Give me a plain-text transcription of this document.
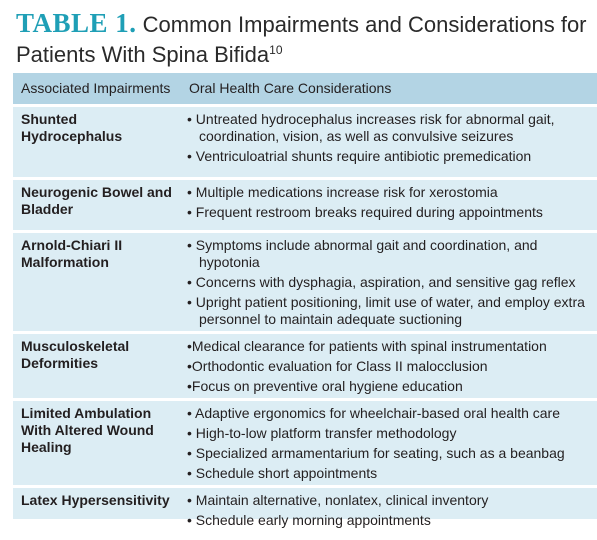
TABLE 1. Common Impairments and Considerations for
Patients With Spina Bifida$^{10}$
Associated Impairments	Oral Health Care Considerations
Shunted Hydrocephalus	• Untreated hydrocephalus increases risk for abnormal gait, coordination, vision, as well as convulsive seizures
• Ventriculoatrial shunts require antibiotic premedication

Neurogenic Bowel and Bladder	• Multiple medications increase risk for xerostomia
• Frequent restroom breaks required during appointments

Arnold-Chiari II Malformation	• Symptoms include abnormal gait and coordination, and hypotonia
• Concerns with dysphagia, aspiration, and sensitive gag reflex
• Upright patient positioning, limit use of water, and employ extra personnel to maintain adequate suctioning

Musculoskeletal Deformities	•Medical clearance for patients with spinal instrumentation
•Orthodontic evaluation for Class II malocclusion
•Focus on preventive oral hygiene education

Limited Ambulation With Altered Wound Healing	• Adaptive ergonomics for wheelchair-based oral health care
• High-to-low platform transfer methodology
• Specialized armamentarium for seating, such as a beanbag
• Schedule short appointments

Latex Hypersensitivity	• Maintain alternative, nonlatex, clinical inventory
• Schedule early morning appointments
